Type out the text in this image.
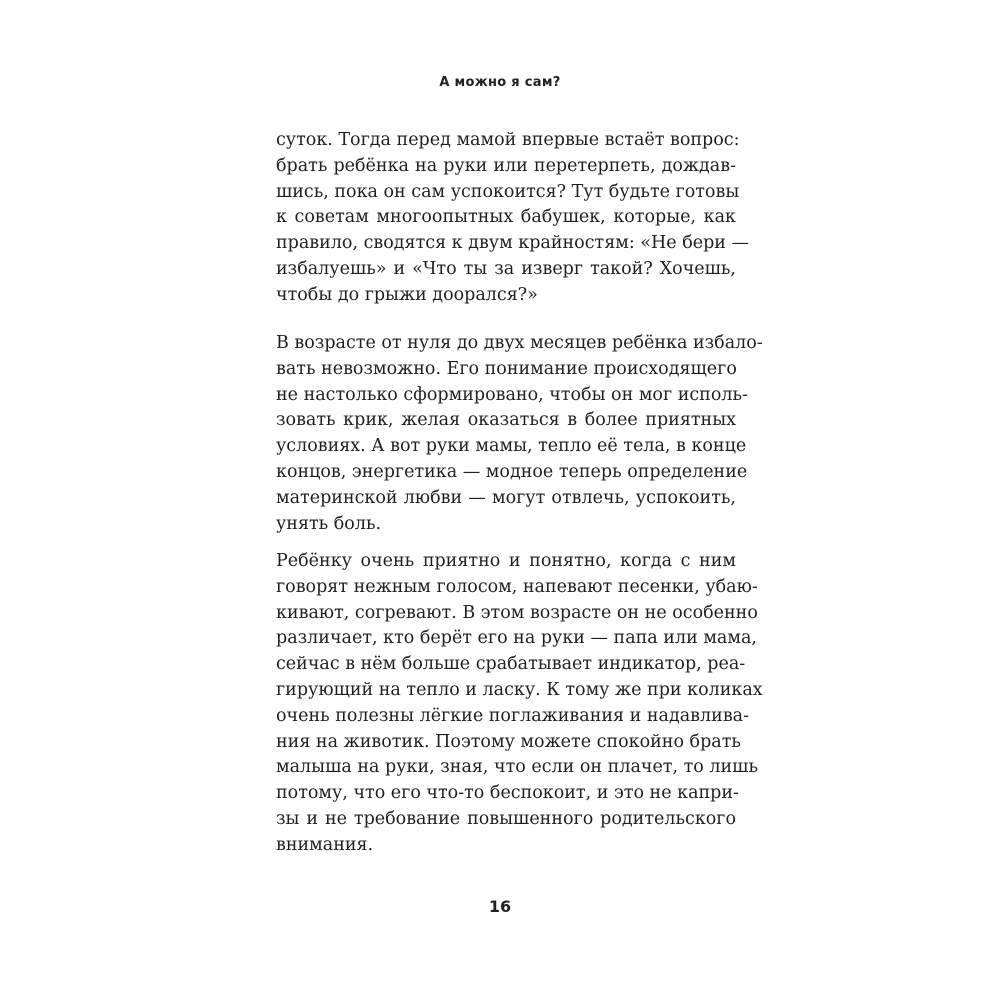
А можно я сам?
суток. Тогда перед мамой впервые встаёт вопрос:
брать ребёнка на руки или перетерпеть, дождав-
шись, пока он сам успокоится? Тут будьте готовы
к советам многоопытных бабушек, которые, как
правило, сводятся к двум крайностям: «Не бери —
избалуешь» и «Что ты за изверг такой? Хочешь,
чтобы до грыжи доорался?»
В возрасте от нуля до двух месяцев ребёнка избало-
вать невозможно. Его понимание происходящего
не настолько сформировано, чтобы он мог исполь-
зовать крик, желая оказаться в более приятных
условиях. А вот руки мамы, тепло её тела, в конце
концов, энергетика — модное теперь определение
материнской любви — могут отвлечь, успокоить,
унять боль.
Ребёнку очень приятно и понятно, когда с ним
говорят нежным голосом, напевают песенки, убаю-
кивают, согревают. В этом возрасте он не особенно
различает, кто берёт его на руки — папа или мама,
сейчас в нём больше срабатывает индикатор, реа-
гирующий на тепло и ласку. К тому же при коликах
очень полезны лёгкие поглаживания и надавлива-
ния на животик. Поэтому можете спокойно брать
малыша на руки, зная, что если он плачет, то лишь
потому, что его что-то беспокоит, и это не капри-
зы и не требование повышенного родительского
внимания.
16
